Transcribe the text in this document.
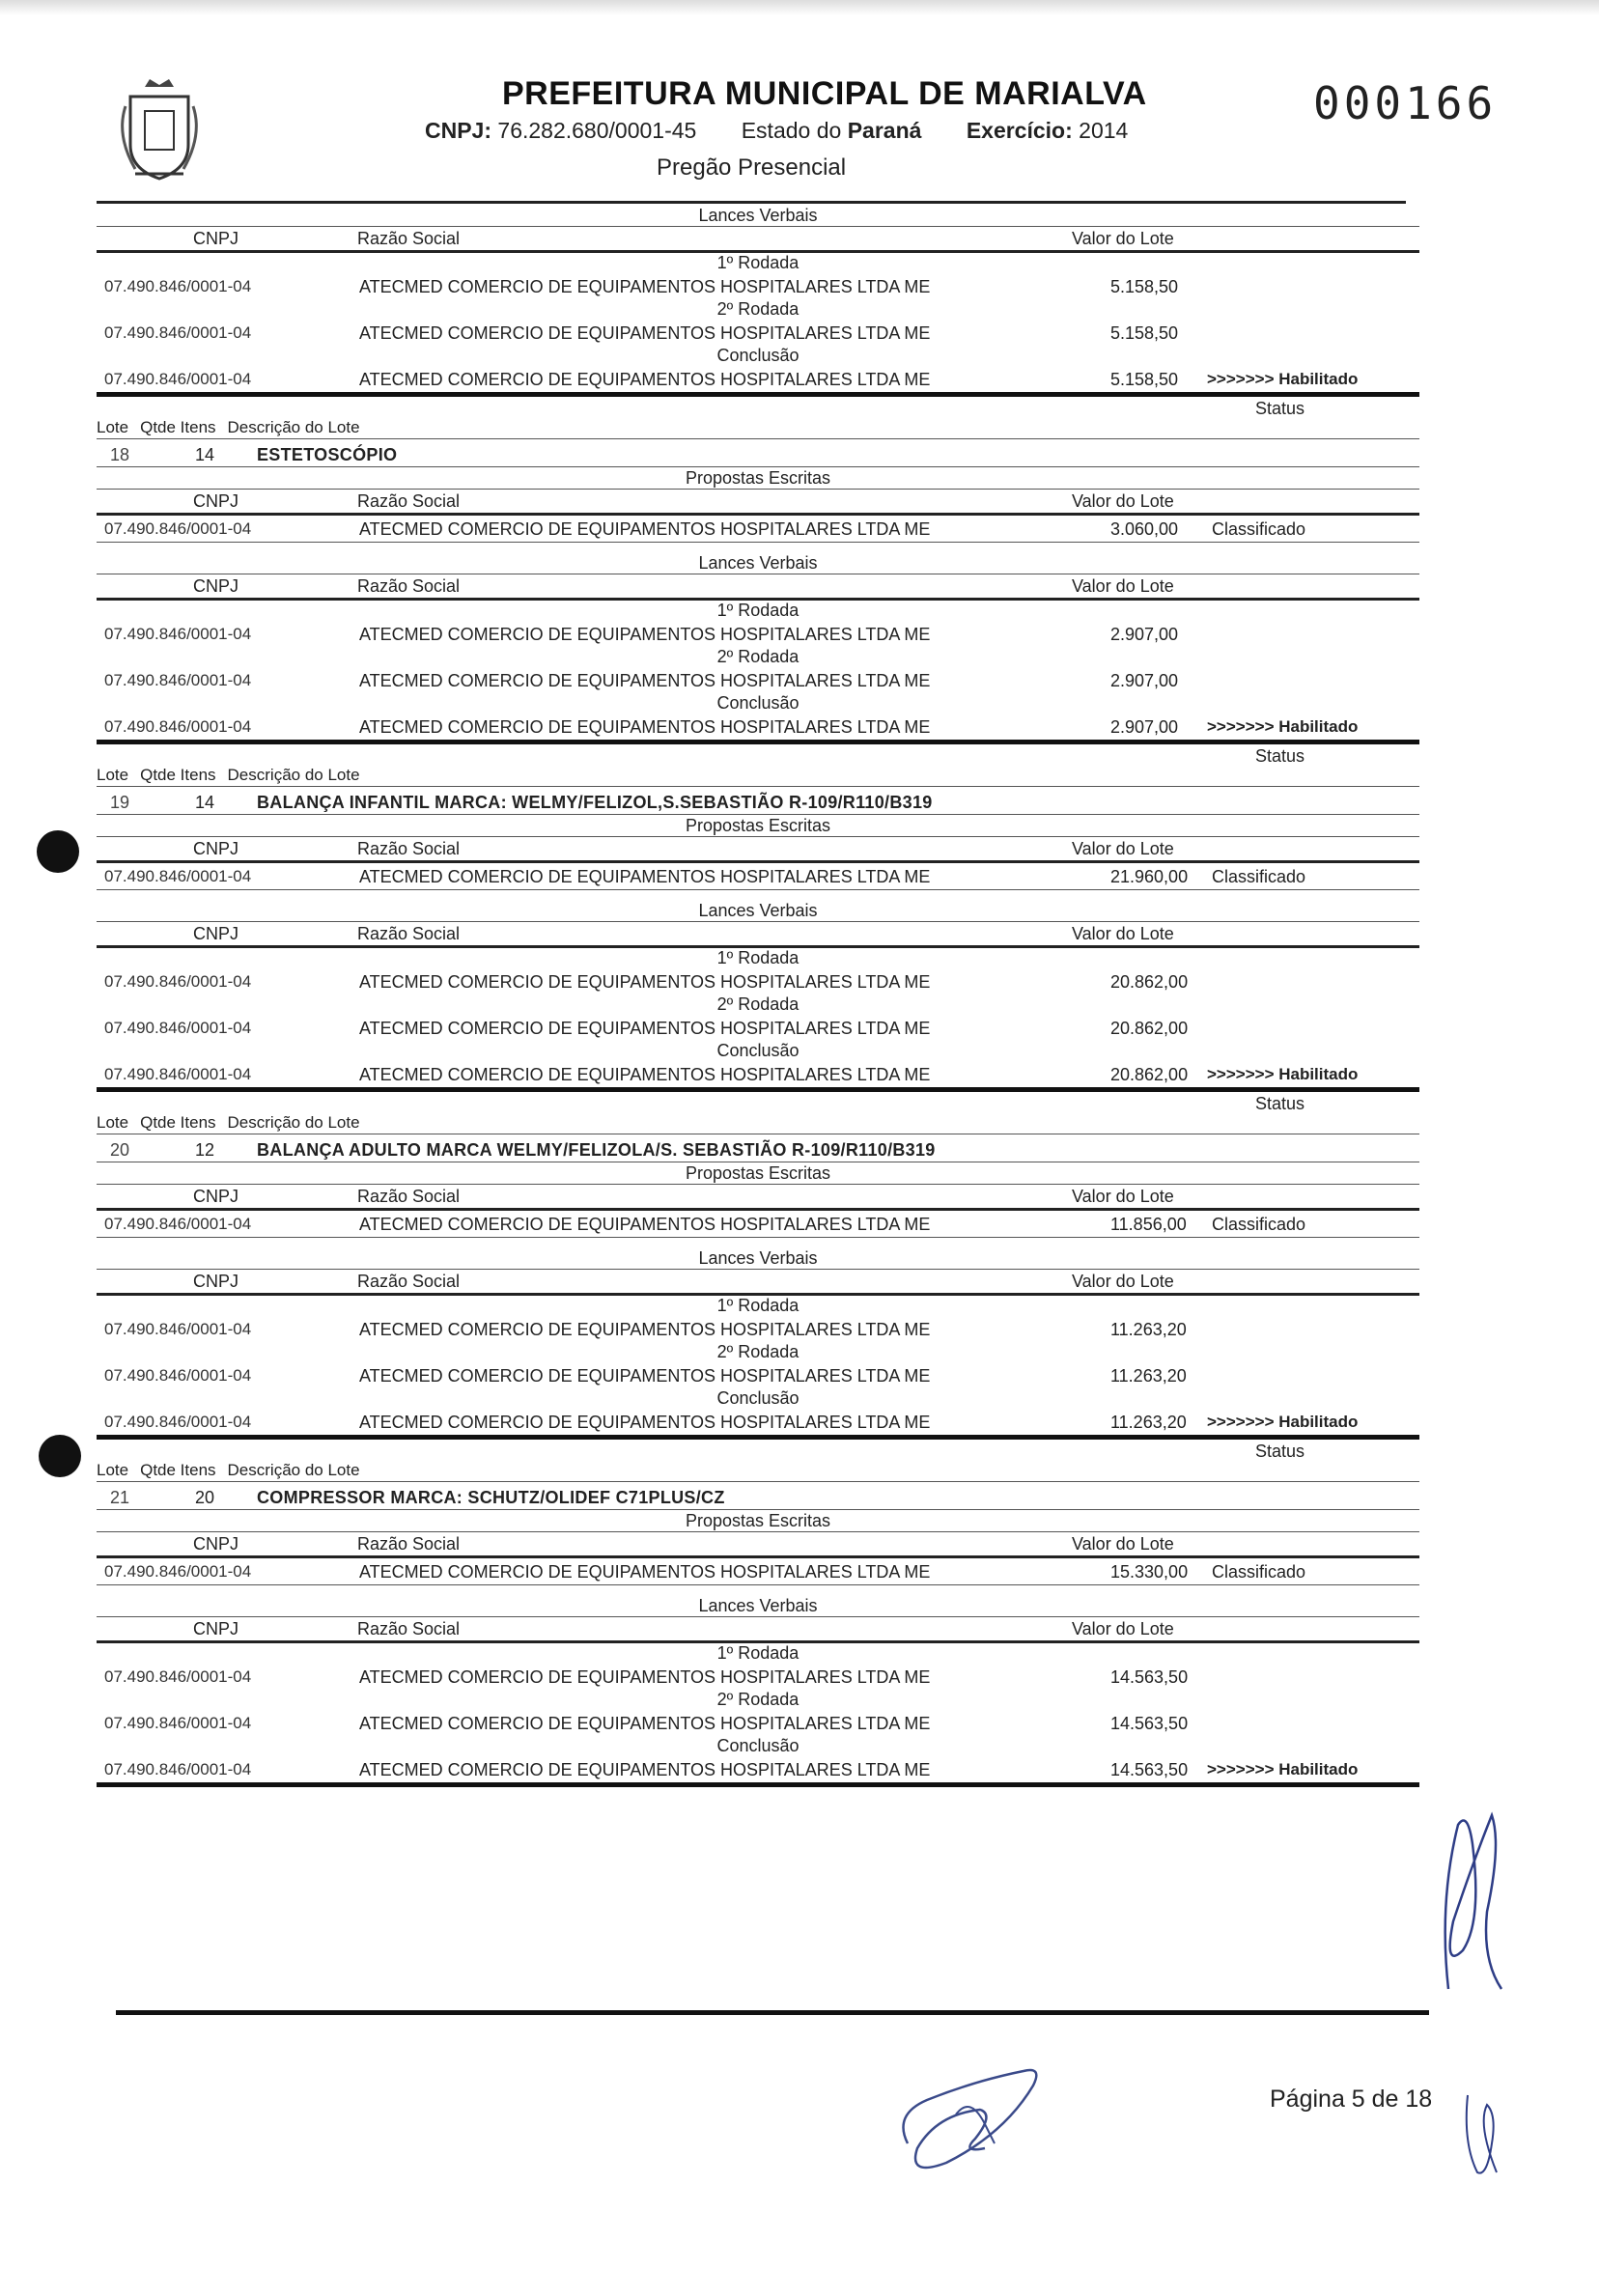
PREFEITURA MUNICIPAL DE MARIALVA
CNPJ: 76.282.680/0001-45 Estado do Paraná Exercício: 2014
Pregão Presencial
000166
Lances Verbais
CNPJ	Razão Social	Valor do Lote
1º Rodada
07.490.846/0001-04	ATECMED COMERCIO DE EQUIPAMENTOS HOSPITALARES LTDA ME	5.158,50
2º Rodada
07.490.846/0001-04	ATECMED COMERCIO DE EQUIPAMENTOS HOSPITALARES LTDA ME	5.158,50
Conclusão
07.490.846/0001-04	ATECMED COMERCIO DE EQUIPAMENTOS HOSPITALARES LTDA ME	5.158,50 >>>>>>> Habilitado
Status
Lote Qtde Itens Descrição do Lote
18	14 ESTETOSCÓPIO
Propostas Escritas
CNPJ	Razão Social	Valor do Lote
07.490.846/0001-04	ATECMED COMERCIO DE EQUIPAMENTOS HOSPITALARES LTDA ME	3.060,00 Classificado
Lances Verbais
CNPJ	Razão Social	Valor do Lote
1º Rodada
07.490.846/0001-04	ATECMED COMERCIO DE EQUIPAMENTOS HOSPITALARES LTDA ME	2.907,00
2º Rodada
07.490.846/0001-04	ATECMED COMERCIO DE EQUIPAMENTOS HOSPITALARES LTDA ME	2.907,00
Conclusão
07.490.846/0001-04	ATECMED COMERCIO DE EQUIPAMENTOS HOSPITALARES LTDA ME	2.907,00 >>>>>>> Habilitado
Status
Lote Qtde Itens Descrição do Lote
19	14 BALANÇA INFANTIL MARCA: WELMY/FELIZOL,S.SEBASTIÃO R-109/R110/B319
Propostas Escritas
CNPJ	Razão Social	Valor do Lote
07.490.846/0001-04	ATECMED COMERCIO DE EQUIPAMENTOS HOSPITALARES LTDA ME	21.960,00 Classificado
Lances Verbais
CNPJ	Razão Social	Valor do Lote
1º Rodada
07.490.846/0001-04	ATECMED COMERCIO DE EQUIPAMENTOS HOSPITALARES LTDA ME	20.862,00
2º Rodada
07.490.846/0001-04	ATECMED COMERCIO DE EQUIPAMENTOS HOSPITALARES LTDA ME	20.862,00
Conclusão
07.490.846/0001-04	ATECMED COMERCIO DE EQUIPAMENTOS HOSPITALARES LTDA ME	20.862,00 >>>>>>> Habilitado
Status
Lote Qtde Itens Descrição do Lote
20	12 BALANÇA ADULTO MARCA WELMY/FELIZOLA/S. SEBASTIÃO R-109/R110/B319
Propostas Escritas
CNPJ	Razão Social	Valor do Lote
07.490.846/0001-04	ATECMED COMERCIO DE EQUIPAMENTOS HOSPITALARES LTDA ME	11.856,00 Classificado
Lances Verbais
CNPJ	Razão Social	Valor do Lote
1º Rodada
07.490.846/0001-04	ATECMED COMERCIO DE EQUIPAMENTOS HOSPITALARES LTDA ME	11.263,20
2º Rodada
07.490.846/0001-04	ATECMED COMERCIO DE EQUIPAMENTOS HOSPITALARES LTDA ME	11.263,20
Conclusão
07.490.846/0001-04	ATECMED COMERCIO DE EQUIPAMENTOS HOSPITALARES LTDA ME	11.263,20 >>>>>>> Habilitado
Status
Lote Qtde Itens Descrição do Lote
21	20 COMPRESSOR MARCA: SCHUTZ/OLIDEF C71PLUS/CZ
Propostas Escritas
CNPJ	Razão Social	Valor do Lote
07.490.846/0001-04	ATECMED COMERCIO DE EQUIPAMENTOS HOSPITALARES LTDA ME	15.330,00 Classificado
Lances Verbais
CNPJ	Razão Social	Valor do Lote
1º Rodada
07.490.846/0001-04	ATECMED COMERCIO DE EQUIPAMENTOS HOSPITALARES LTDA ME	14.563,50
2º Rodada
07.490.846/0001-04	ATECMED COMERCIO DE EQUIPAMENTOS HOSPITALARES LTDA ME	14.563,50
Conclusão
07.490.846/0001-04	ATECMED COMERCIO DE EQUIPAMENTOS HOSPITALARES LTDA ME	14.563,50 >>>>>>> Habilitado
Página 5 de 18
